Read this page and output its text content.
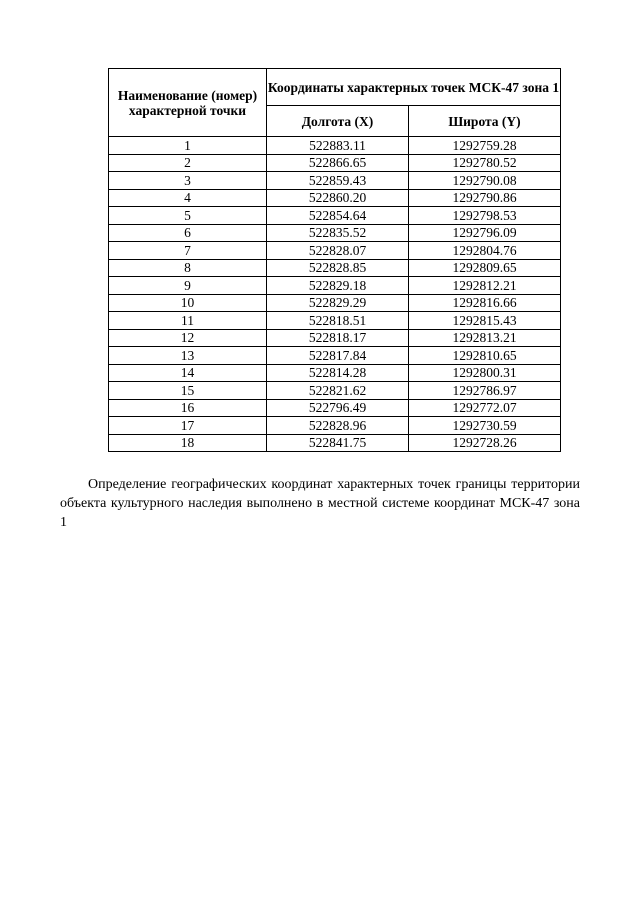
Наименование (номер) характерной точки	Координаты характерных точек МСК-47 зона 1	
	Долгота (X)	Широта (Y)
1	522883.11	1292759.28
2	522866.65	1292780.52
3	522859.43	1292790.08
4	522860.20	1292790.86
5	522854.64	1292798.53
6	522835.52	1292796.09
7	522828.07	1292804.76
8	522828.85	1292809.65
9	522829.18	1292812.21
10	522829.29	1292816.66
11	522818.51	1292815.43
12	522818.17	1292813.21
13	522817.84	1292810.65
14	522814.28	1292800.31
15	522821.62	1292786.97
16	522796.49	1292772.07
17	522828.96	1292730.59
18	522841.75	1292728.26

Определение географических координат характерных точек границы территории объекта культурного наследия выполнено в местной системе координат МСК-47 зона 1
